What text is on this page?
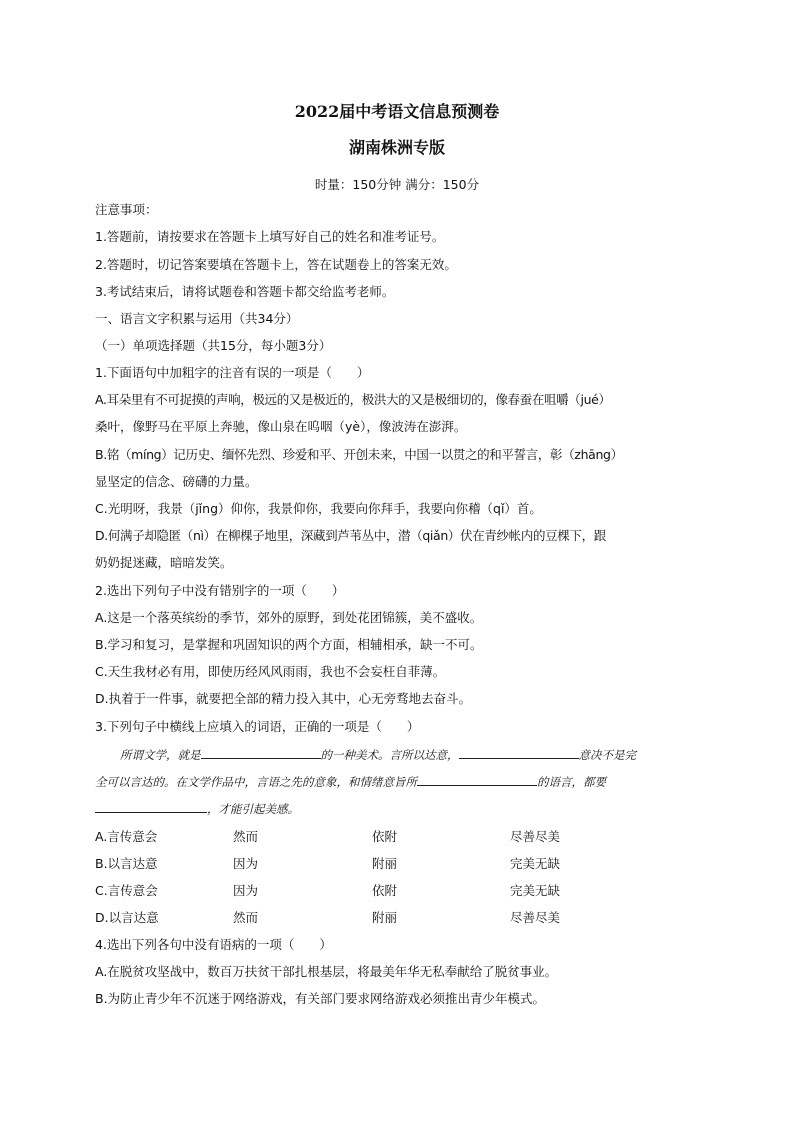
2022届中考语文信息预测卷
湖南株洲专版
时量：150分钟 满分：150分
注意事项：
1.答题前，请按要求在答题卡上填写好自己的姓名和准考证号。
2.答题时，切记答案要填在答题卡上，答在试题卷上的答案无效。
3.考试结束后，请将试题卷和答题卡都交给监考老师。
一、语言文字积累与运用（共34分）
（一）单项选择题（共15分，每小题3分）
1.下面语句中加粗字的注音有误的一项是（　　）
A.耳朵里有不可捉摸的声响，极远的又是极近的，极洪大的又是极细切的，像春蚕在咀嚼（jué）
桑叶，像野马在平原上奔驰，像山泉在呜咽（yè），像波涛在澎湃。
B.铭（míng）记历史、缅怀先烈、珍爱和平、开创未来，中国一以贯之的和平誓言，彰（zhāng）
显坚定的信念、磅礴的力量。
C.光明呀，我景（jǐng）仰你，我景仰你，我要向你拜手，我要向你稽（qǐ）首。
D.何满子却隐匿（nì）在柳棵子地里，深藏到芦苇丛中，潜（qiǎn）伏在青纱帐内的豆棵下，跟
奶奶捉迷藏，暗暗发笑。
2.选出下列句子中没有错别字的一项（　　）
A.这是一个落英缤纷的季节，郊外的原野，到处花团锦簇，美不盛收。
B.学习和复习，是掌握和巩固知识的两个方面，相辅相承，缺一不可。
C.天生我材必有用，即使历经风风雨雨，我也不会妄枉自菲薄。
D.执着于一件事，就要把全部的精力投入其中，心无旁骛地去奋斗。
3.下列句子中横线上应填入的词语，正确的一项是（　　）
所谓文学，就是	的一种美术。言所以达意，	意决不是完
全可以言达的。在文学作品中，言语之先的意象，和情绪意旨所	的语言，都要
，才能引起美感。
A.言传意会	然而	依附	尽善尽美
B.以言达意	因为	附丽	完美无缺
C.言传意会	因为	依附	完美无缺
D.以言达意	然而	附丽	尽善尽美
4.选出下列各句中没有语病的一项（　　）
A.在脱贫攻坚战中，数百万扶贫干部扎根基层，将最美年华无私奉献给了脱贫事业。
B.为防止青少年不沉迷于网络游戏，有关部门要求网络游戏必须推出青少年模式。
